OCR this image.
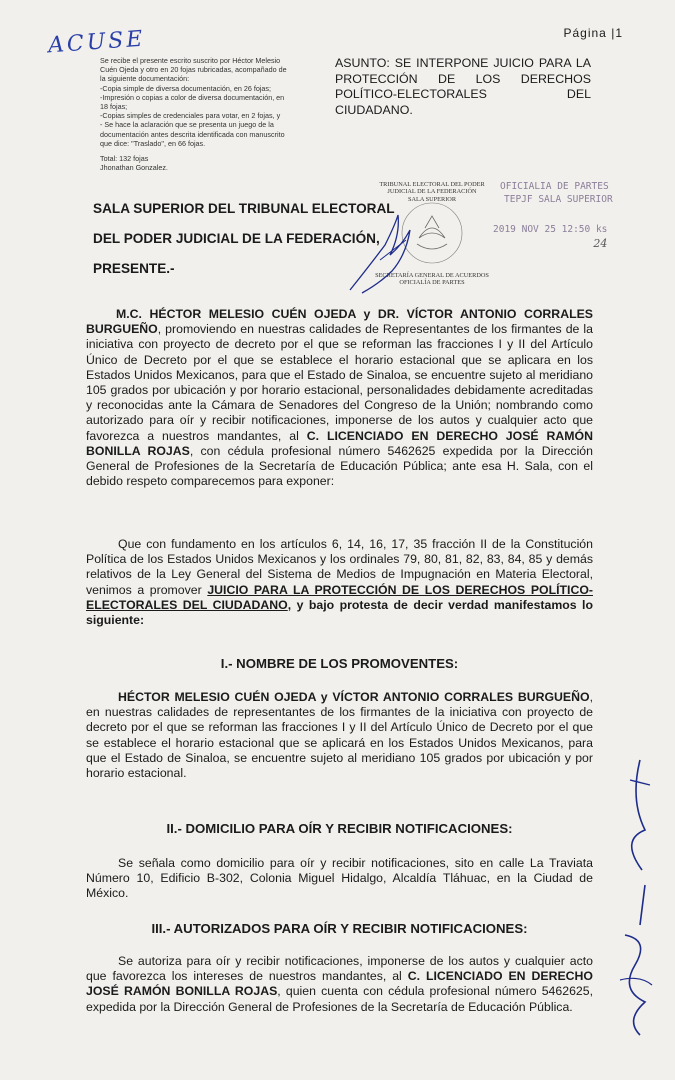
Página |1
ACUSE

Se recibe el presente escrito suscrito por Héctor Melesio

Cuén Ojeda y otro en 20 fojas rubricadas, acompañado de

la siguiente documentación:

-Copia simple de diversa documentación, en 26 fojas;

-Impresión o copias a color de diversa documentación, en

18 fojas;

-Copias simples de credenciales para votar, en 2 fojas, y

- Se hace la aclaración que se presenta un juego de la

documentación antes descrita identificada con manuscrito

que dice: "Traslado", en 66 fojas.

Total: 132 fojas

Jhonathan Gonzalez.

ASUNTO: SE INTERPONE JUICIO PARA LA PROTECCIÓN DE LOS DERECHOS POLÍTICO-ELECTORALES DEL CIUDADANO.
SALA SUPERIOR DEL TRIBUNAL ELECTORAL
DEL PODER JUDICIAL DE LA FEDERACIÓN,
PRESENTE.-
TRIBUNAL ELECTORAL DEL PODER
JUDICIAL DE LA FEDERACIÓN
SALA SUPERIOR
SECRETARÍA GENERAL DE ACUERDOS
OFICIALÍA DE PARTES
OFICIALIA DE PARTES
TEPJF SALA SUPERIOR
2019 NOV 25 12:50 ks
24
M.C. HÉCTOR MELESIO CUÉN OJEDA y DR. VÍCTOR ANTONIO CORRALES BURGUEÑO, promoviendo en nuestras calidades de Representantes de los firmantes de la iniciativa con proyecto de decreto por el que se reforman las fracciones I y II del Artículo Único de Decreto por el que se establece el horario estacional que se aplicara en los Estados Unidos Mexicanos, para que el Estado de Sinaloa, se encuentre sujeto al meridiano 105 grados por ubicación y por horario estacional, personalidades debidamente acreditadas y reconocidas ante la Cámara de Senadores del Congreso de la Unión; nombrando como autorizado para oír y recibir notificaciones, imponerse de los autos y cualquier acto que favorezca a nuestros mandantes, al C. LICENCIADO EN DERECHO JOSÉ RAMÓN BONILLA ROJAS, con cédula profesional número 5462625 expedida por la Dirección General de Profesiones de la Secretaría de Educación Pública; ante esa H. Sala, con el debido respeto comparecemos para exponer:
Que con fundamento en los artículos 6, 14, 16, 17, 35 fracción II de la Constitución Política de los Estados Unidos Mexicanos y los ordinales 79, 80, 81, 82, 83, 84, 85 y demás relativos de la Ley General del Sistema de Medios de Impugnación en Materia Electoral, venimos a promover JUICIO PARA LA PROTECCIÓN DE LOS DERECHOS POLÍTICO-ELECTORALES DEL CIUDADANO, y bajo protesta de decir verdad manifestamos lo siguiente:
I.- NOMBRE DE LOS PROMOVENTES:
HÉCTOR MELESIO CUÉN OJEDA y VÍCTOR ANTONIO CORRALES BURGUEÑO, en nuestras calidades de representantes de los firmantes de la iniciativa con proyecto de decreto por el que se reforman las fracciones I y II del Artículo Único de Decreto por el que se establece el horario estacional que se aplicará en los Estados Unidos Mexicanos, para que el Estado de Sinaloa, se encuentre sujeto al meridiano 105 grados por ubicación y por horario estacional.
II.- DOMICILIO PARA OÍR Y RECIBIR NOTIFICACIONES:
Se señala como domicilio para oír y recibir notificaciones, sito en calle La Traviata Número 10, Edificio B-302, Colonia Miguel Hidalgo, Alcaldía Tláhuac, en la Ciudad de México.
III.- AUTORIZADOS PARA OÍR Y RECIBIR NOTIFICACIONES:
Se autoriza para oír y recibir notificaciones, imponerse de los autos y cualquier acto que favorezca los intereses de nuestros mandantes, al C. LICENCIADO EN DERECHO JOSÉ RAMÓN BONILLA ROJAS, quien cuenta con cédula profesional número 5462625, expedida por la Dirección General de Profesiones de la Secretaría de Educación Pública.
